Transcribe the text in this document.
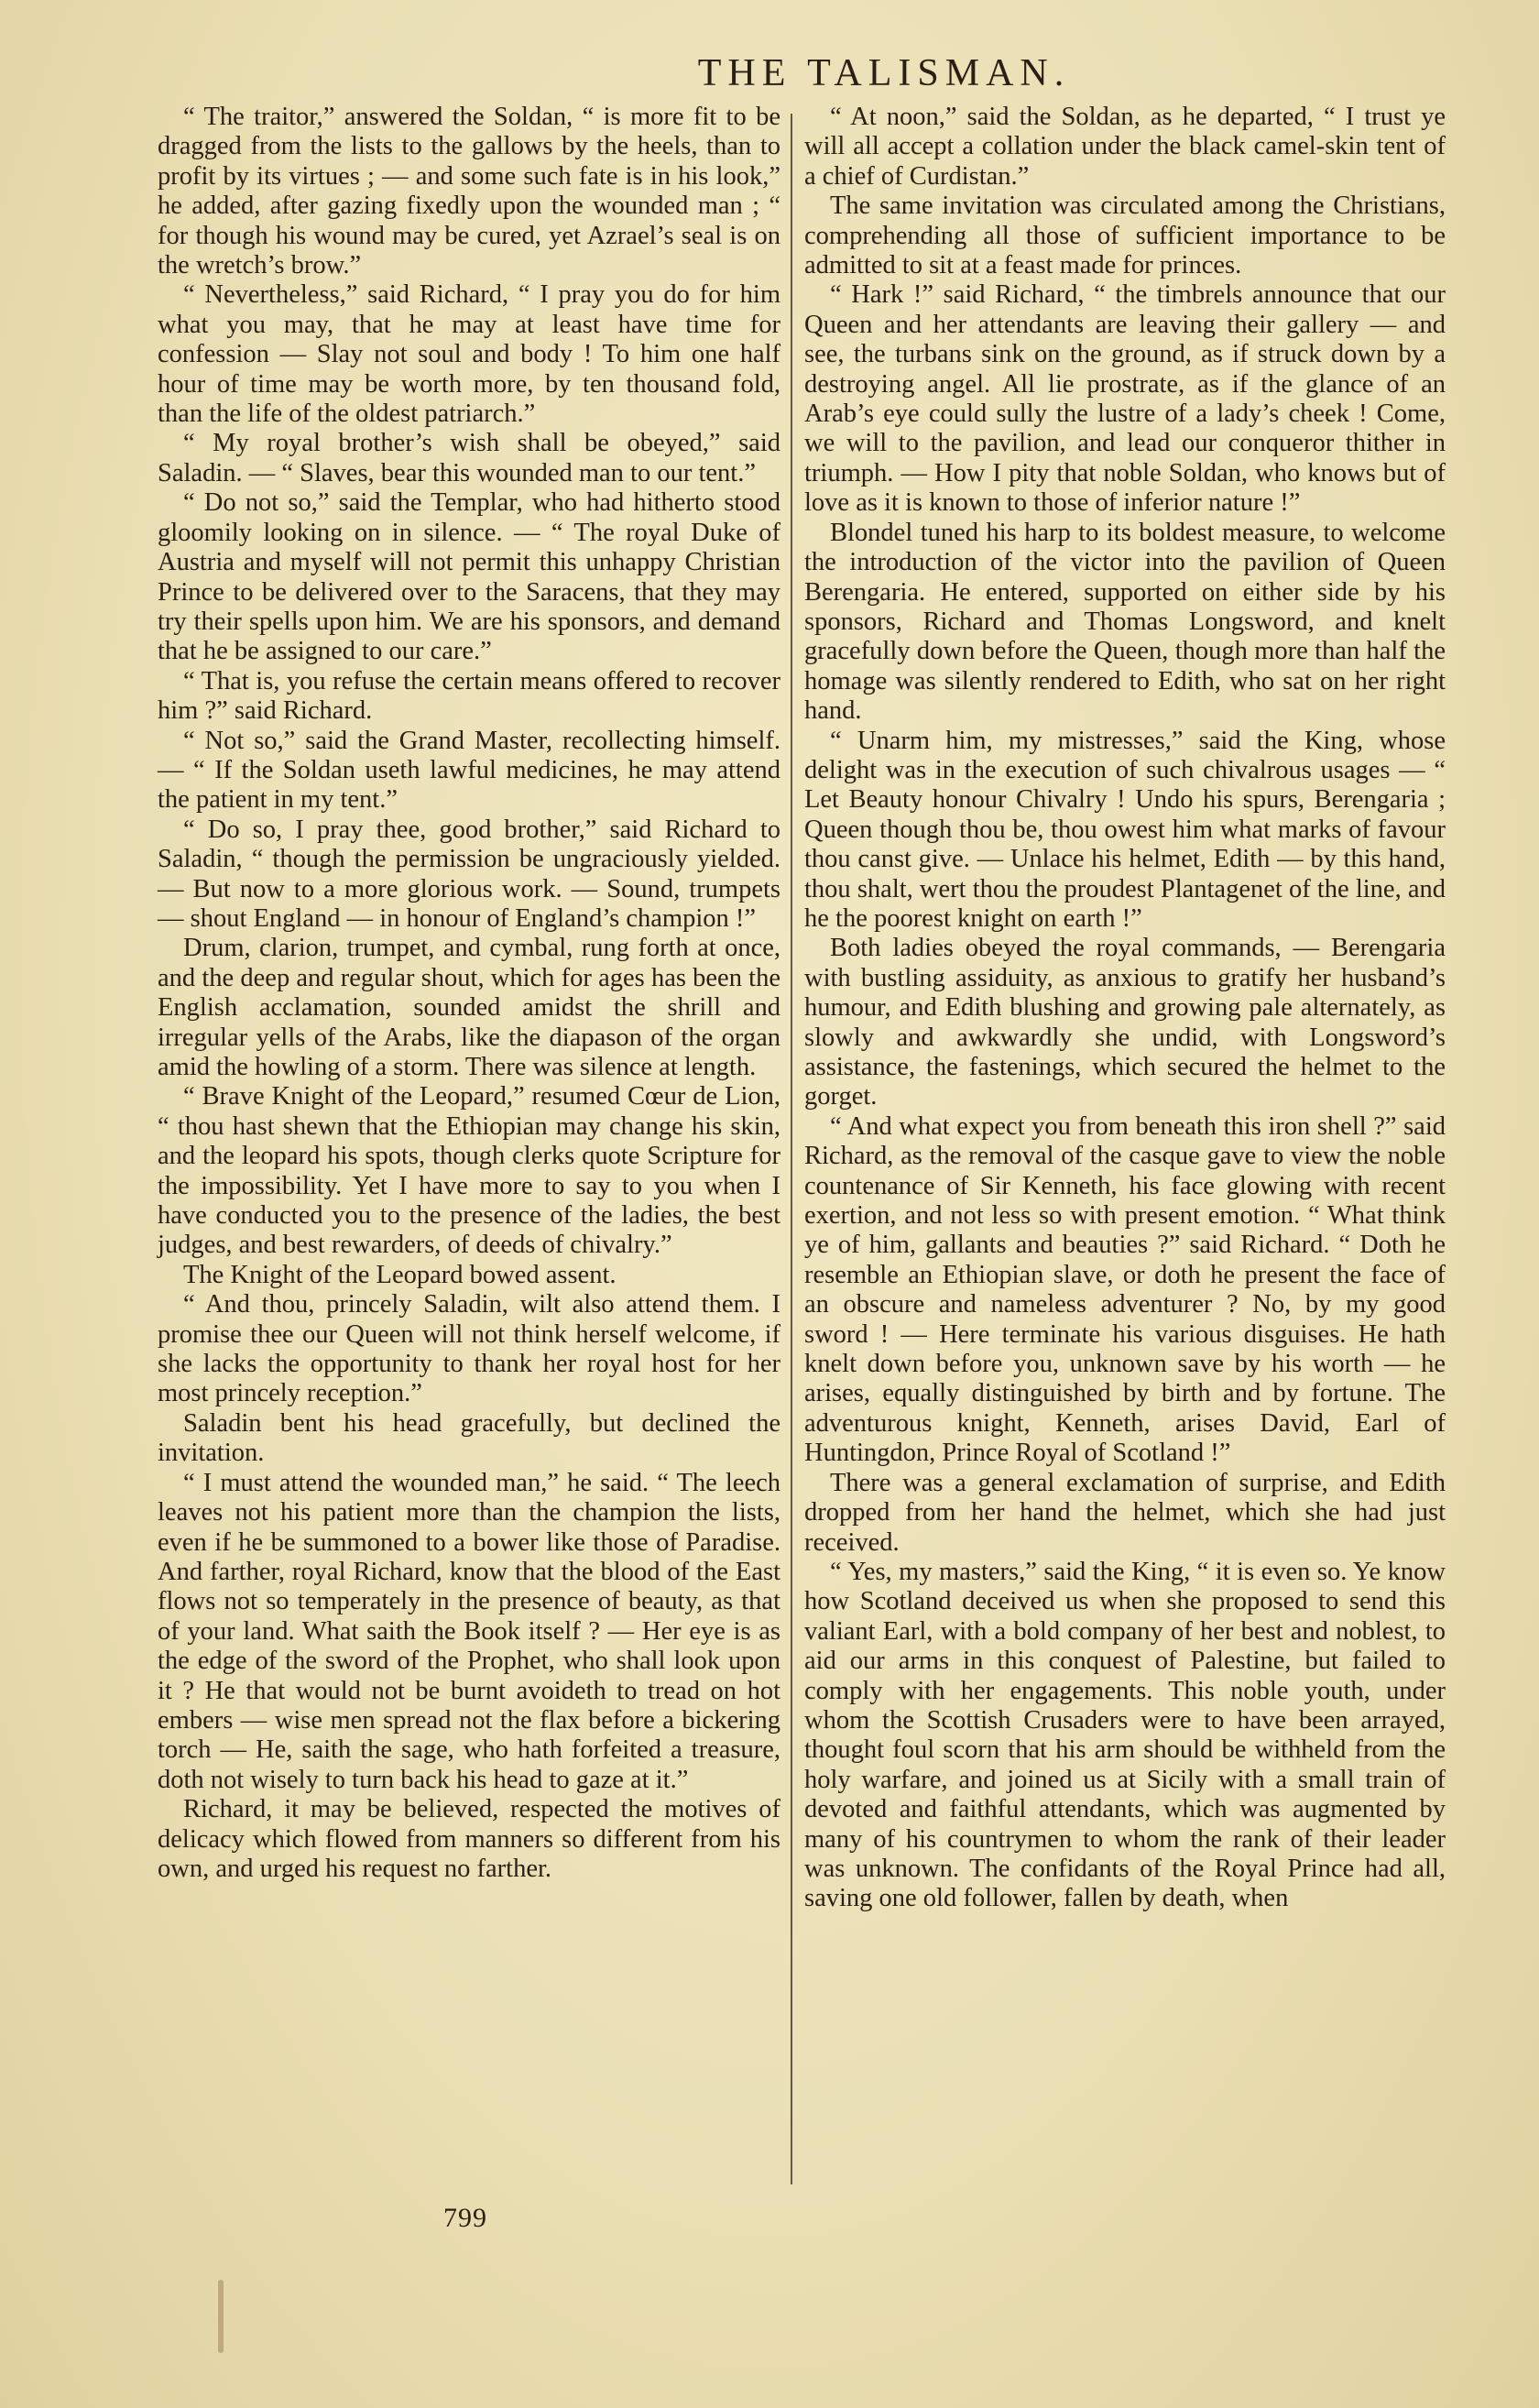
THE TALISMAN.

“ The traitor,” answered the Soldan, “ is more fit to be dragged from the lists to the gallows by the heels, than to profit by its virtues ; — and some such fate is in his look,” he added, after gazing fixedly upon the wounded man ; “ for though his wound may be cured, yet Azrael’s seal is on the wretch’s brow.”

“ Nevertheless,” said Richard, “ I pray you do for him what you may, that he may at least have time for confession — Slay not soul and body ! To him one half hour of time may be worth more, by ten thousand fold, than the life of the oldest patriarch.”

“ My royal brother’s wish shall be obeyed,” said Saladin. — “ Slaves, bear this wounded man to our tent.”

“ Do not so,” said the Templar, who had hitherto stood gloomily looking on in silence. — “ The royal Duke of Austria and myself will not permit this unhappy Christian Prince to be delivered over to the Saracens, that they may try their spells upon him. We are his sponsors, and demand that he be assigned to our care.”

“ That is, you refuse the certain means offered to recover him ?” said Richard.

“ Not so,” said the Grand Master, recollecting himself. — “ If the Soldan useth lawful medicines, he may attend the patient in my tent.”

“ Do so, I pray thee, good brother,” said Richard to Saladin, “ though the permission be ungraciously yielded. — But now to a more glorious work. — Sound, trumpets — shout England — in honour of England’s champion !”

Drum, clarion, trumpet, and cymbal, rung forth at once, and the deep and regular shout, which for ages has been the English acclamation, sounded amidst the shrill and irregular yells of the Arabs, like the diapason of the organ amid the howling of a storm. There was silence at length.

“ Brave Knight of the Leopard,” resumed Cœur de Lion, “ thou hast shewn that the Ethiopian may change his skin, and the leopard his spots, though clerks quote Scripture for the impossibility. Yet I have more to say to you when I have conducted you to the presence of the ladies, the best judges, and best rewarders, of deeds of chivalry.”

The Knight of the Leopard bowed assent.

“ And thou, princely Saladin, wilt also attend them. I promise thee our Queen will not think herself welcome, if she lacks the opportunity to thank her royal host for her most princely reception.”

Saladin bent his head gracefully, but declined the invitation.

“ I must attend the wounded man,” he said. “ The leech leaves not his patient more than the champion the lists, even if he be summoned to a bower like those of Paradise. And farther, royal Richard, know that the blood of the East flows not so temperately in the presence of beauty, as that of your land. What saith the Book itself ? — Her eye is as the edge of the sword of the Prophet, who shall look upon it ? He that would not be burnt avoideth to tread on hot embers — wise men spread not the flax before a bickering torch — He, saith the sage, who hath forfeited a treasure, doth not wisely to turn back his head to gaze at it.”

Richard, it may be believed, respected the motives of delicacy which flowed from manners so different from his own, and urged his request no farther.

“ At noon,” said the Soldan, as he departed, “ I trust ye will all accept a collation under the black camel-skin tent of a chief of Curdistan.”

The same invitation was circulated among the Christians, comprehending all those of sufficient importance to be admitted to sit at a feast made for princes.

“ Hark !” said Richard, “ the timbrels announce that our Queen and her attendants are leaving their gallery — and see, the turbans sink on the ground, as if struck down by a destroying angel. All lie prostrate, as if the glance of an Arab’s eye could sully the lustre of a lady’s cheek ! Come, we will to the pavilion, and lead our conqueror thither in triumph. — How I pity that noble Soldan, who knows but of love as it is known to those of inferior nature !”

Blondel tuned his harp to its boldest measure, to welcome the introduction of the victor into the pavilion of Queen Berengaria. He entered, supported on either side by his sponsors, Richard and Thomas Longsword, and knelt gracefully down before the Queen, though more than half the homage was silently rendered to Edith, who sat on her right hand.

“ Unarm him, my mistresses,” said the King, whose delight was in the execution of such chivalrous usages — “ Let Beauty honour Chivalry ! Undo his spurs, Berengaria ; Queen though thou be, thou owest him what marks of favour thou canst give. — Unlace his helmet, Edith — by this hand, thou shalt, wert thou the proudest Plantagenet of the line, and he the poorest knight on earth !”

Both ladies obeyed the royal commands, — Berengaria with bustling assiduity, as anxious to gratify her husband’s humour, and Edith blushing and growing pale alternately, as slowly and awkwardly she undid, with Longsword’s assistance, the fastenings, which secured the helmet to the gorget.

“ And what expect you from beneath this iron shell ?” said Richard, as the removal of the casque gave to view the noble countenance of Sir Kenneth, his face glowing with recent exertion, and not less so with present emotion. “ What think ye of him, gallants and beauties ?” said Richard. “ Doth he resemble an Ethiopian slave, or doth he present the face of an obscure and nameless adventurer ? No, by my good sword ! — Here terminate his various disguises. He hath knelt down before you, unknown save by his worth — he arises, equally distinguished by birth and by fortune. The adventurous knight, Kenneth, arises David, Earl of Huntingdon, Prince Royal of Scotland !”

There was a general exclamation of surprise, and Edith dropped from her hand the helmet, which she had just received.

“ Yes, my masters,” said the King, “ it is even so. Ye know how Scotland deceived us when she proposed to send this valiant Earl, with a bold company of her best and noblest, to aid our arms in this conquest of Palestine, but failed to comply with her engagements. This noble youth, under whom the Scottish Crusaders were to have been arrayed, thought foul scorn that his arm should be withheld from the holy warfare, and joined us at Sicily with a small train of devoted and faithful attendants, which was augmented by many of his countrymen to whom the rank of their leader was unknown. The confidants of the Royal Prince had all, saving one old follower, fallen by death, when

799
